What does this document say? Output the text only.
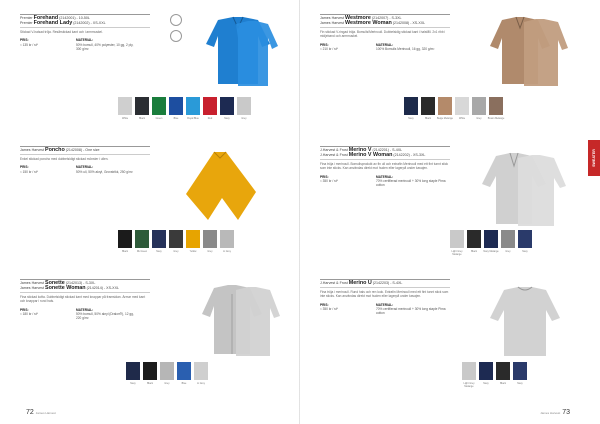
Premier Forehand (2142001) - 10-50L
Premier Forehand Lady (2142002) - XS-XXL
Stickad V-halsad tröja. Resårstickad kant och i armmuskel.
PRIS:
≈ 135 kr / st*
MATERIAL:
50% bomull, 40% polyester, 10 gg, 2 ply, 300 g/m²
White	Black	Green	Blue	Royal Blue	Red	Navy	Grey
James Harvest Poncho (2142008) - One size
Enkel stickad poncho med dubbelsidigt stickad mönster i ullen.
PRIS:
≈ 150 kr / st*
MATERIAL:
50% ull, 50% akryl, Grovstrikk, 250 g/m²
Black	Dk Green	Navy	Grey	Yellow	Grey	Lt Grey
James Harvest Sonette (2142013) - S-3XL
James Harvest Sonette Woman (2142014) - XS-XXL
Fina stickad kofta. Dubbelsidigt stickad kant med knappar på framsidan. Ärmar med kant och knappar i rund hals.
PRIS:
≈ 180 kr / st*
MATERIAL:
50% bomull, 50% akryl (Dralon®), 12 gg, 220 g/m²
Navy	Black	Grey	Blue	Lt Grey
72 James Harvest
James Harvest Westmore (2142007) - S-3XL
James Harvest Westmore Woman (2142008) - XS-XXL
Fin stickad V-ringad tröja. Bomulls/Merinoull. Dubbelsidig stickad kant i halsfåll. 2x1 ribb i midjeband och armmuskel.
PRIS:
≈ 210 kr / st*
MATERIAL:
100% Bomulls Merinoull, 16 gg, 320 g/m²
Navy	Black	Beige Melange	White	Grey	Brown Melange
J.Harvest & Frost Merino V (2142201) - S-4XL
J.Harvest & Frost Merino V Woman (2142202) - XS-3XL
Fina tröja i merinoull. Bomullsprodukt av fin ull och extrafin Merinoull med ett fint tunnt stick som inte sticks. Kan användas direkt mot huden eller lagerpå under kavajen.
PRIS:
≈ 350 kr / st*
MATERIAL:
70% certifierad merinoull + 30% long staple Pima cotton
Light Grey Melange
Black	Navy Melange	Grey	Navy
J.Harvest & Frost Merino U (2142203) - S-4XL
Fina tröja i merinoull. Rund hals och ren look. Extrafin Merinoull med ett fint tunnt stick som inte sticks. Kan användas direkt mot huden eller lagerpå under kavajen.
PRIS:
≈ 350 kr / st*
MATERIAL:
70% certifierad merinoull + 30% long staple Pima cotton
Light Grey Melange
Navy	Black	Navy
SWEATER
James Harvest 73
